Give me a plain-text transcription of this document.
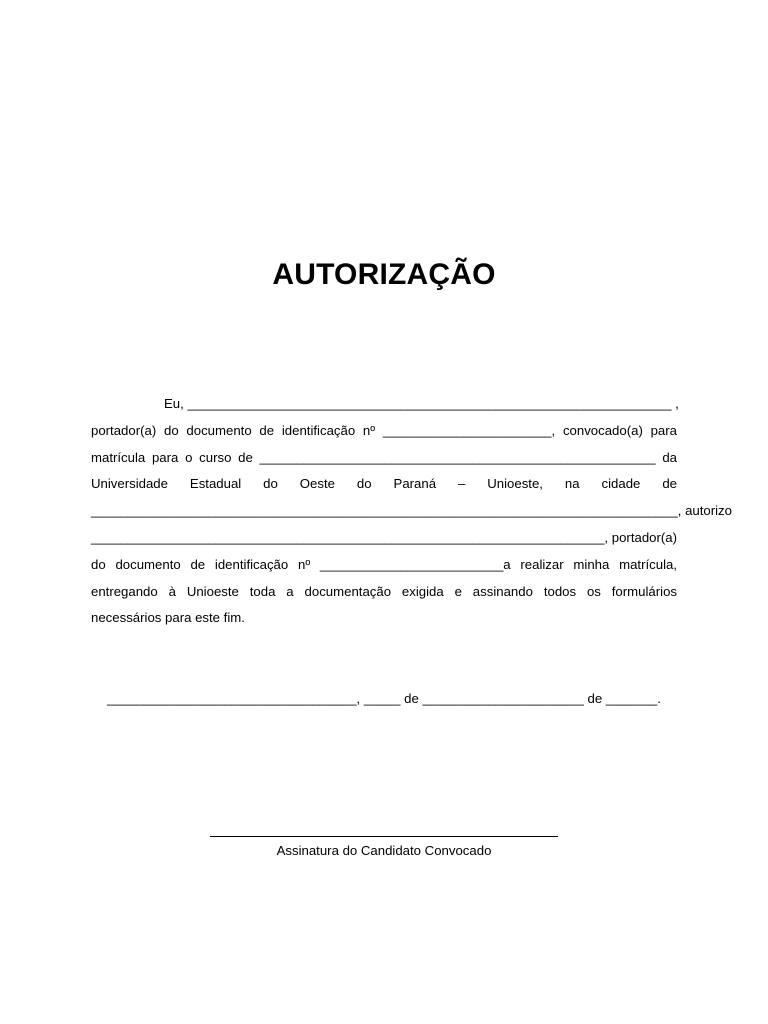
AUTORIZAÇÃO
Eu, __________________________________________________________________ ,
portador(a) do documento de identificação nº _______________________, convocado(a) para
matrícula para o curso de ______________________________________________________ da
Universidade Estadual do Oeste do Paraná – Unioeste, na cidade de
________________________________________________________________________________, autorizo
______________________________________________________________________, portador(a)
do documento de identificação nº _________________________a realizar minha matrícula,
entregando à Unioeste toda a documentação exigida e assinando todos os formulários
necessários para este fim.
__________________________________, _____ de ______________________ de _______.

Assinatura do Candidato Convocado
